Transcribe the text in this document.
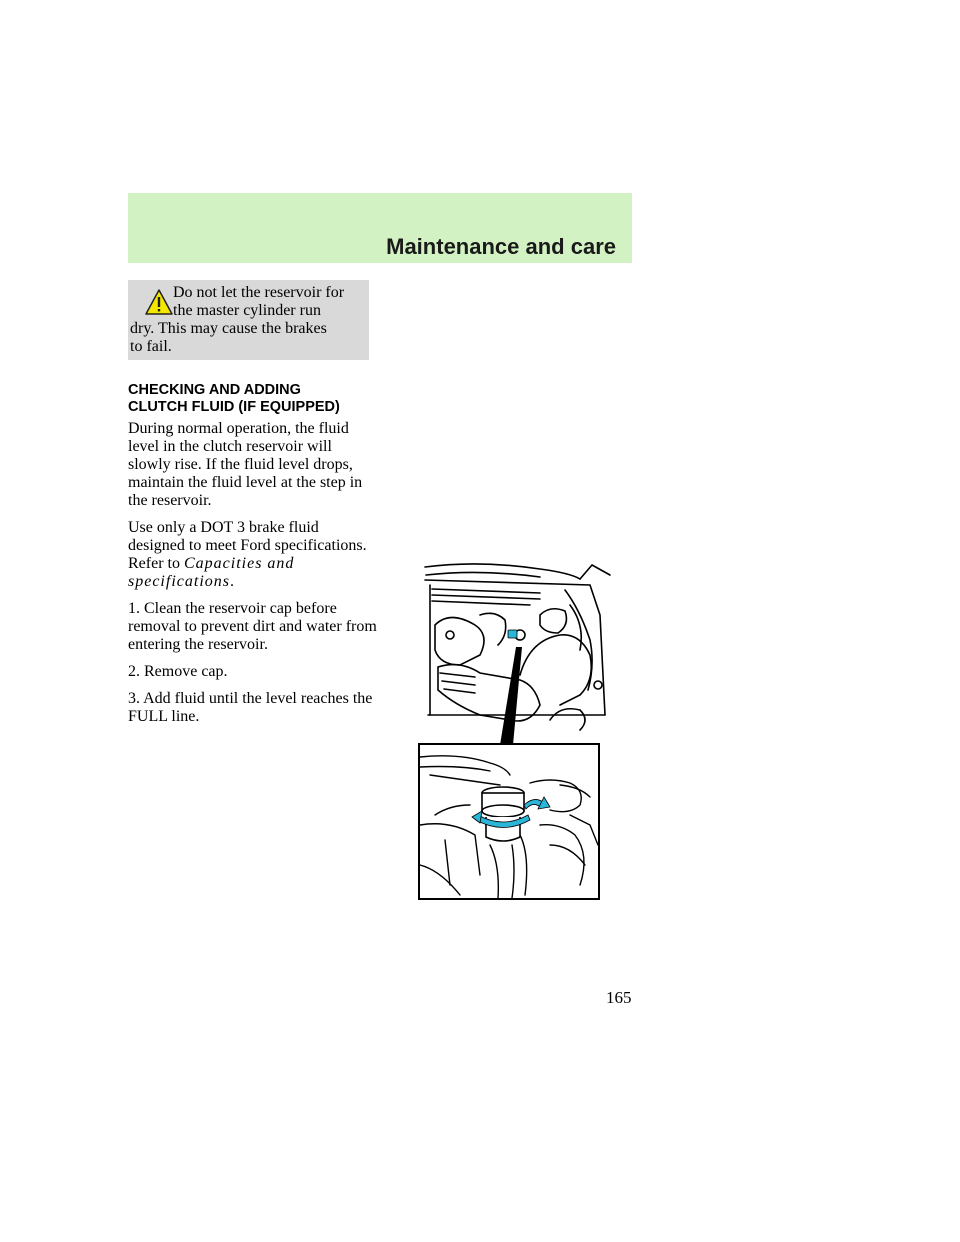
Maintenance and care
Do not let the reservoir for
the master cylinder run
dry. This may cause the brakes
to fail.
CHECKING AND ADDING
CLUTCH FLUID (IF EQUIPPED)

During normal operation, the fluid level in the clutch reservoir will slowly rise. If the fluid level drops, maintain the fluid level at the step in the reservoir.

Use only a DOT 3 brake fluid designed to meet Ford specifications. Refer to Capacities and specifications.

1. Clean the reservoir cap before removal to prevent dirt and water from entering the reservoir.

2. Remove cap.

3. Add fluid until the level reaches the FULL line.

165
